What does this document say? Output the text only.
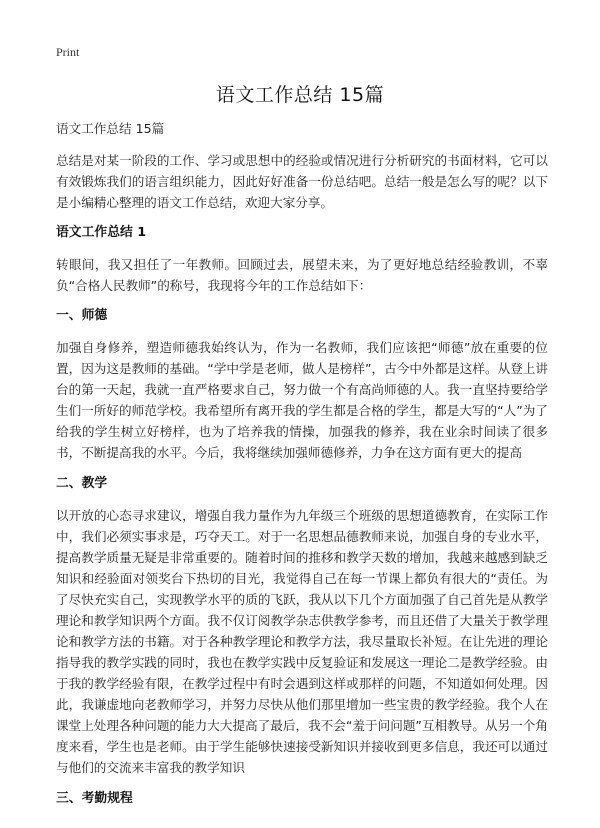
Print
语文工作总结 15篇

语文工作总结 15篇

总结是对某一阶段的工作、学习或思想中的经验或情况进行分析研究的书面材料，它可以有效锻炼我们的语言组织能力，因此好好准备一份总结吧。总结一般是怎么写的呢？以下是小编精心整理的语文工作总结，欢迎大家分享。

语文工作总结 1

转眼间，我又担任了一年教师。回顾过去，展望未来，为了更好地总结经验教训，不辜负“合格人民教师”的称号，我现将今年的工作总结如下：

一、师德

加强自身修养，塑造师德我始终认为，作为一名教师，我们应该把“师德”放在重要的位置，因为这是教师的基础。“学中学是老师，做人是榜样”，古今中外都是这样。从登上讲台的第一天起，我就一直严格要求自己，努力做一个有高尚师德的人。我一直坚持要给学生们一所好的师范学校。我希望所有离开我的学生都是合格的学生，都是大写的“人”为了给我的学生树立好榜样，也为了培养我的情操，加强我的修养，我在业余时间读了很多书，不断提高我的水平。今后，我将继续加强师德修养，力争在这方面有更大的提高

二、教学

以开放的心态寻求建议，增强自我力量作为九年级三个班级的思想道德教育，在实际工作中，我们必须实事求是，巧夺天工。对于一名思想品德教师来说，加强自身的专业水平，提高教学质量无疑是非常重要的。随着时间的推移和教学天数的增加，我越来越感到缺乏知识和经验面对领奖台下热切的目光，我觉得自己在每一节课上都负有很大的“责任。为了尽快充实自己，实现教学水平的质的飞跃，我从以下几个方面加强了自己首先是从教学理论和教学知识两个方面。我不仅订阅教学杂志供教学参考，而且还借了大量关于教学理论和教学方法的书籍。对于各种教学理论和教学方法，我尽量取长补短。在让先进的理论指导我的教学实践的同时，我也在教学实践中反复验证和发展这一理论二是教学经验。由于我的教学经验有限，在教学过程中有时会遇到这样或那样的问题，不知道如何处理。因此，我谦虚地向老教师学习，并努力尽快从他们那里增加一些宝贵的教学经验。我个人在课堂上处理各种问题的能力大大提高了最后，我不会“羞于问问题”互相教导。从另一个角度来看，学生也是老师。由于学生能够快速接受新知识并接收到更多信息，我还可以通过与他们的交流来丰富我的教学知识

三、考勤规程
